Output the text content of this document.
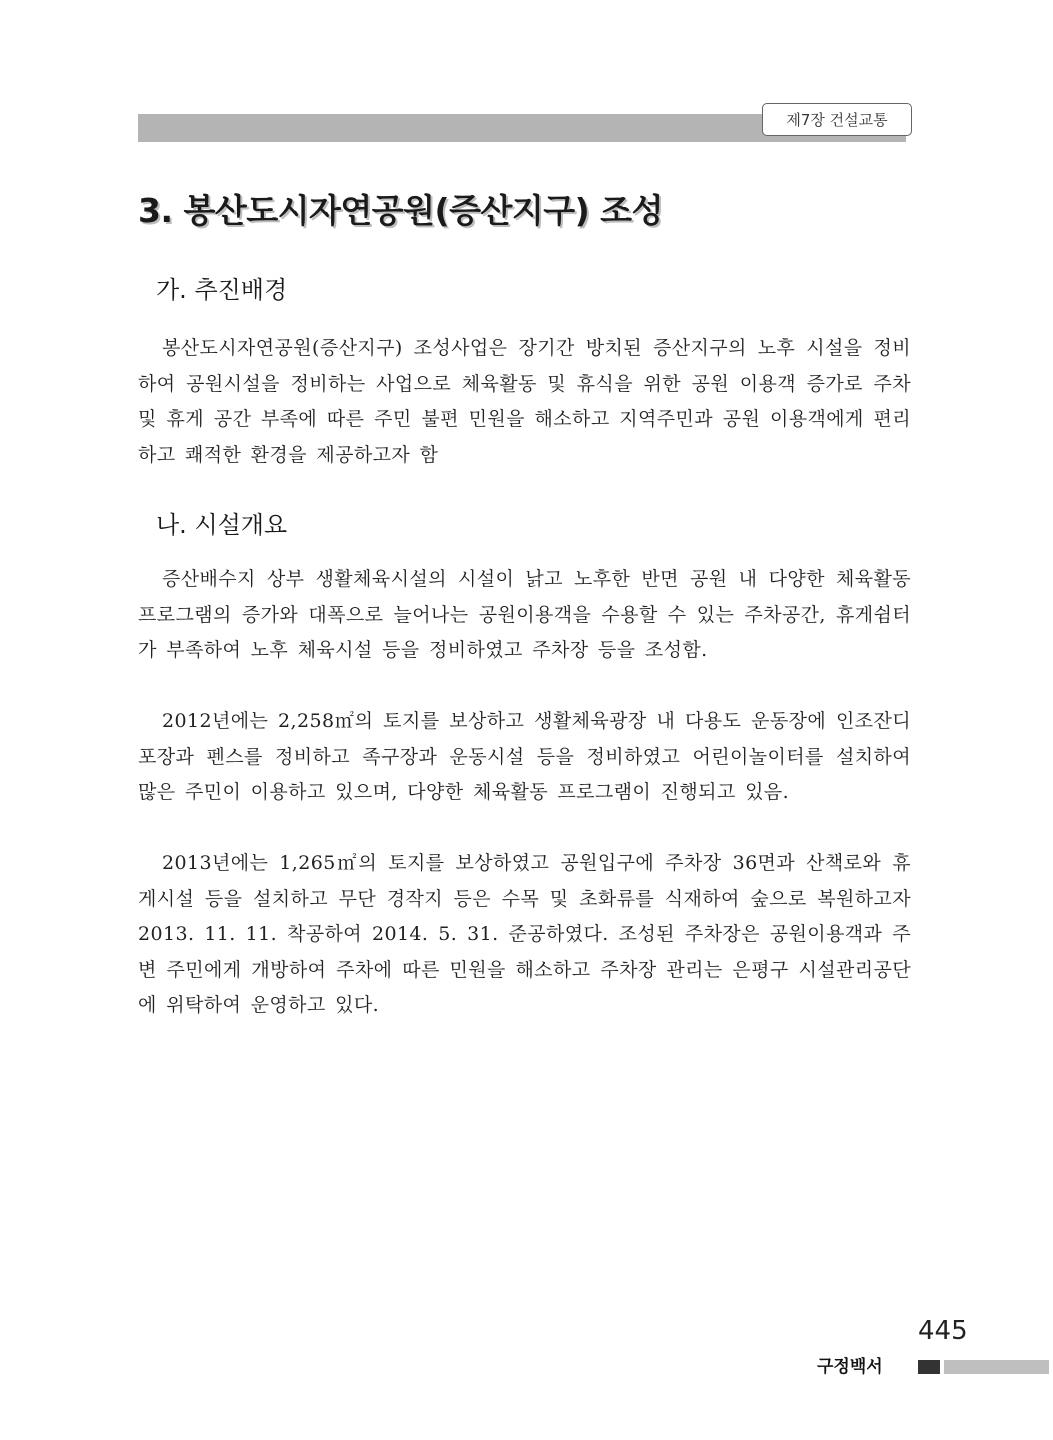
제7장 건설교통
3. 봉산도시자연공원(증산지구) 조성
가. 추진배경

봉산도시자연공원(증산지구) 조성사업은 장기간 방치된 증산지구의 노후 시설을 정비하여 공원시설을 정비하는 사업으로 체육활동 및 휴식을 위한 공원 이용객 증가로 주차 및 휴게 공간 부족에 따른 주민 불편 민원을 해소하고 지역주민과 공원 이용객에게 편리하고 쾌적한 환경을 제공하고자 함

나. 시설개요

증산배수지 상부 생활체육시설의 시설이 낡고 노후한 반면 공원 내 다양한 체육활동 프로그램의 증가와 대폭으로 늘어나는 공원이용객을 수용할 수 있는 주차공간, 휴게쉼터가 부족하여 노후 체육시설 등을 정비하였고 주차장 등을 조성함.

2012년에는 2,258㎡의 토지를 보상하고 생활체육광장 내 다용도 운동장에 인조잔디 포장과 펜스를 정비하고 족구장과 운동시설 등을 정비하였고 어린이놀이터를 설치하여 많은 주민이 이용하고 있으며, 다양한 체육활동 프로그램이 진행되고 있음.

2013년에는 1,265㎡의 토지를 보상하였고 공원입구에 주차장 36면과 산책로와 휴게시설 등을 설치하고 무단 경작지 등은 수목 및 초화류를 식재하여 숲으로 복원하고자 2013. 11. 11. 착공하여 2014. 5. 31. 준공하였다. 조성된 주차장은 공원이용객과 주변 주민에게 개방하여 주차에 따른 민원을 해소하고 주차장 관리는 은평구 시설관리공단에 위탁하여 운영하고 있다.

445
구정백서
